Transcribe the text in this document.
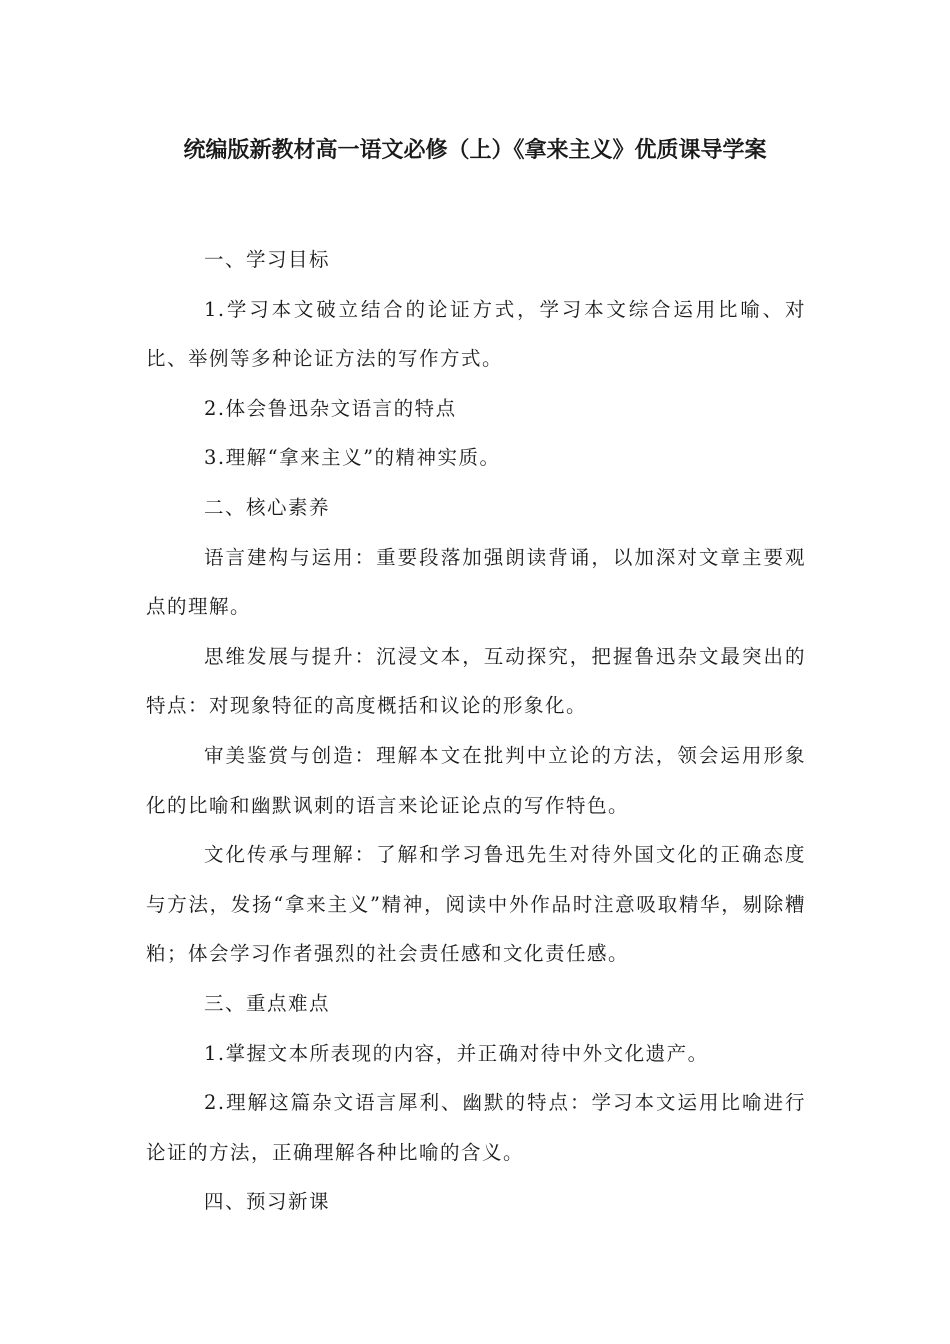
统编版新教材高一语文必修（上）《拿来主义》优质课导学案

一、学习目标

1.学习本文破立结合的论证方式，学习本文综合运用比喻、对比、举例等多种论证方法的写作方式。

2.体会鲁迅杂文语言的特点

3.理解“拿来主义”的精神实质。

二、核心素养

语言建构与运用：重要段落加强朗读背诵，以加深对文章主要观点的理解。

思维发展与提升：沉浸文本，互动探究，把握鲁迅杂文最突出的特点：对现象特征的高度概括和议论的形象化。

审美鉴赏与创造：理解本文在批判中立论的方法，领会运用形象化的比喻和幽默讽刺的语言来论证论点的写作特色。

文化传承与理解：了解和学习鲁迅先生对待外国文化的正确态度与方法，发扬“拿来主义”精神，阅读中外作品时注意吸取精华，剔除糟粕；体会学习作者强烈的社会责任感和文化责任感。

三、重点难点

1.掌握文本所表现的内容，并正确对待中外文化遗产。

2.理解这篇杂文语言犀利、幽默的特点：学习本文运用比喻进行论证的方法，正确理解各种比喻的含义。

四、预习新课
